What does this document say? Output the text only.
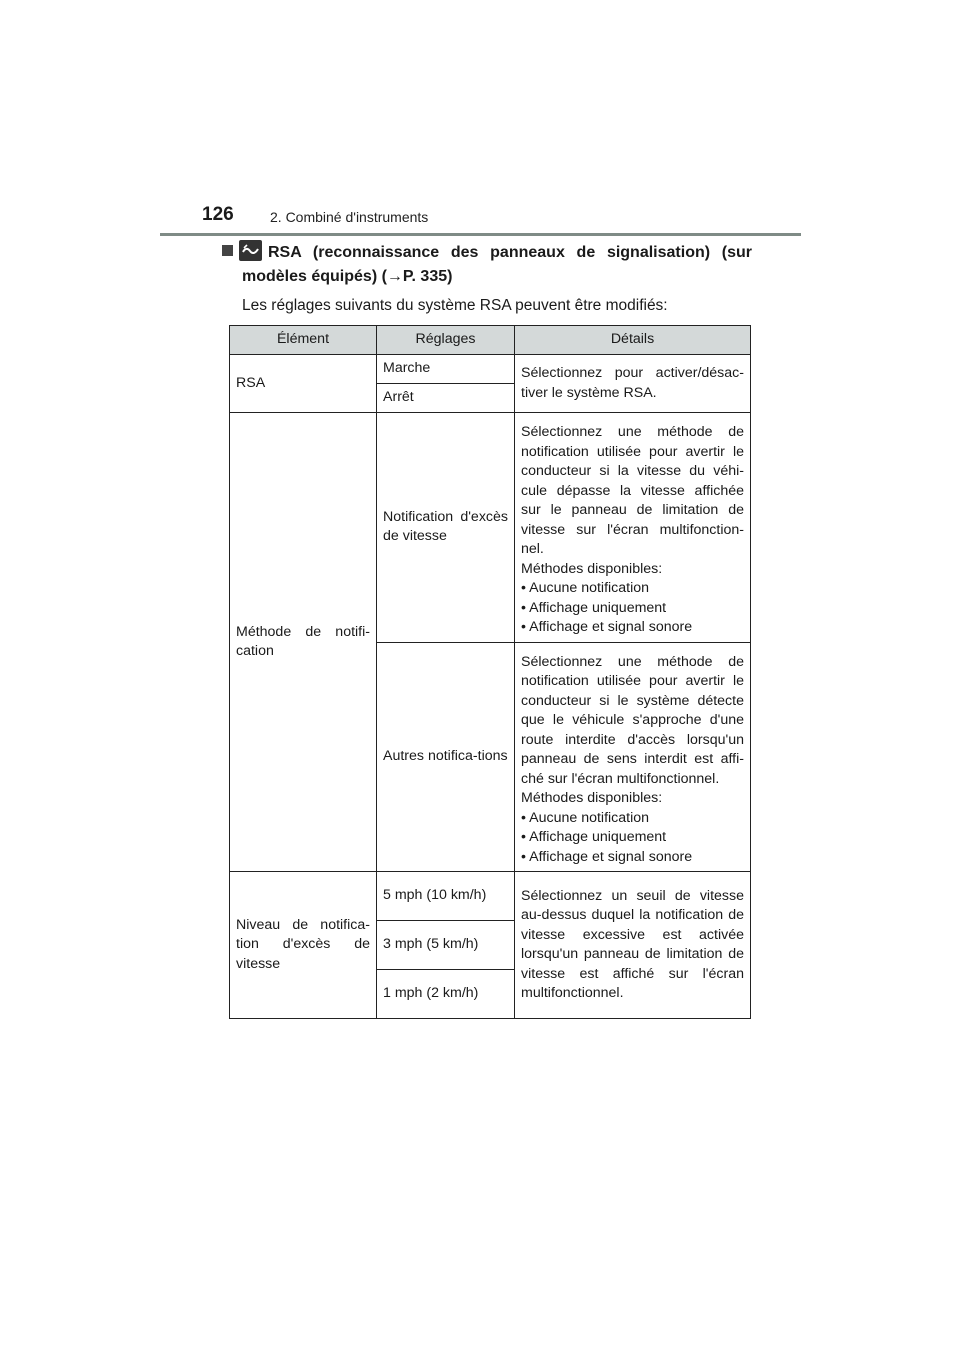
126	2. Combiné d'instruments
RSA (reconnaissance des panneaux de signalisation) (sur
modèles équipés) (→P. 335)
Les réglages suivants du système RSA peuvent être modifiés:
Élément	Réglages	Détails
RSA	Marche	Sélectionnez pour activer/désac-tiver le système RSA.
	Arrêt	
Méthode de notifi-cation	Notification d'excès de vitesse	Sélectionnez une méthode de notification utilisée pour avertir le conducteur si la vitesse du véhi-cule dépasse la vitesse affichée sur le panneau de limitation de vitesse sur l'écran multifonction-nel.
Méthodes disponibles:
• Aucune notification
• Affichage uniquement
• Affichage et signal sonore

	Autres notifica-tions	Sélectionnez une méthode de notification utilisée pour avertir le conducteur si le système détecte que le véhicule s'approche d'une route interdite d'accès lorsqu'un panneau de sens interdit est affi-ché sur l'écran multifonctionnel.
Méthodes disponibles:
• Aucune notification
• Affichage uniquement
• Affichage et signal sonore

Niveau de notifica-tion d'excès de vitesse	5 mph (10 km/h)	Sélectionnez un seuil de vitesse au-dessus duquel la notification de vitesse excessive est activée lorsqu'un panneau de limitation de vitesse est affiché sur l'écran multifonctionnel.
	3 mph (5 km/h)	
	1 mph (2 km/h)	
